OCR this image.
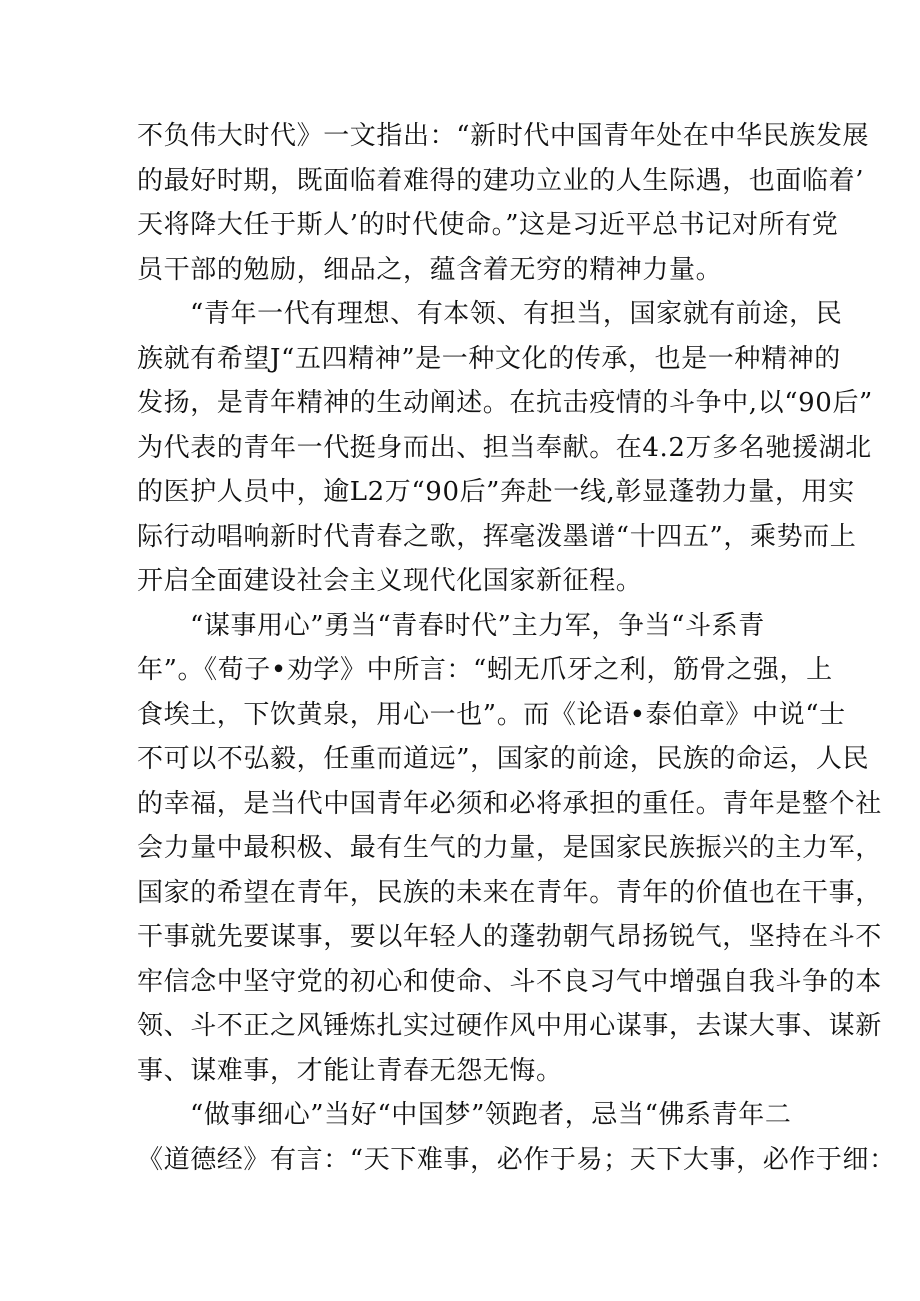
不负伟大时代》一文指出：“新时代中国青年处在中华民族发展
的最好时期，既面临着难得的建功立业的人生际遇，也面临着’
天将降大任于斯人’的时代使命。”这是习近平总书记对所有党
员干部的勉励，细品之，蕴含着无穷的精神力量。
“青年一代有理想、有本领、有担当，国家就有前途，民
族就有希望J“五四精神”是一种文化的传承，也是一种精神的
发扬，是青年精神的生动阐述。在抗击疫情的斗争中,以“90后”
为代表的青年一代挺身而出、担当奉献。在4.2万多名驰援湖北
的医护人员中，逾L2万“90后”奔赴一线,彰显蓬勃力量，用实
际行动唱响新时代青春之歌，挥毫泼墨谱“十四五”，乘势而上
开启全面建设社会主义现代化国家新征程。
“谋事用心”勇当“青春时代”主力军，争当“斗系青
年”。《荀子•劝学》中所言：“蚓无爪牙之利，筋骨之强，上
食埃土，下饮黄泉，用心一也”。而《论语•泰伯章》中说“士
不可以不弘毅，任重而道远”，国家的前途，民族的命运，人民
的幸福，是当代中国青年必须和必将承担的重任。青年是整个社
会力量中最积极、最有生气的力量，是国家民族振兴的主力军，
国家的希望在青年，民族的未来在青年。青年的价值也在干事，
干事就先要谋事，要以年轻人的蓬勃朝气昂扬锐气，坚持在斗不
牢信念中坚守党的初心和使命、斗不良习气中增强自我斗争的本
领、斗不正之风锤炼扎实过硬作风中用心谋事，去谋大事、谋新
事、谋难事，才能让青春无怨无悔。
“做事细心”当好“中国梦”领跑者，忌当“佛系青年二
《道德经》有言：“天下难事，必作于易；天下大事，必作于细：
